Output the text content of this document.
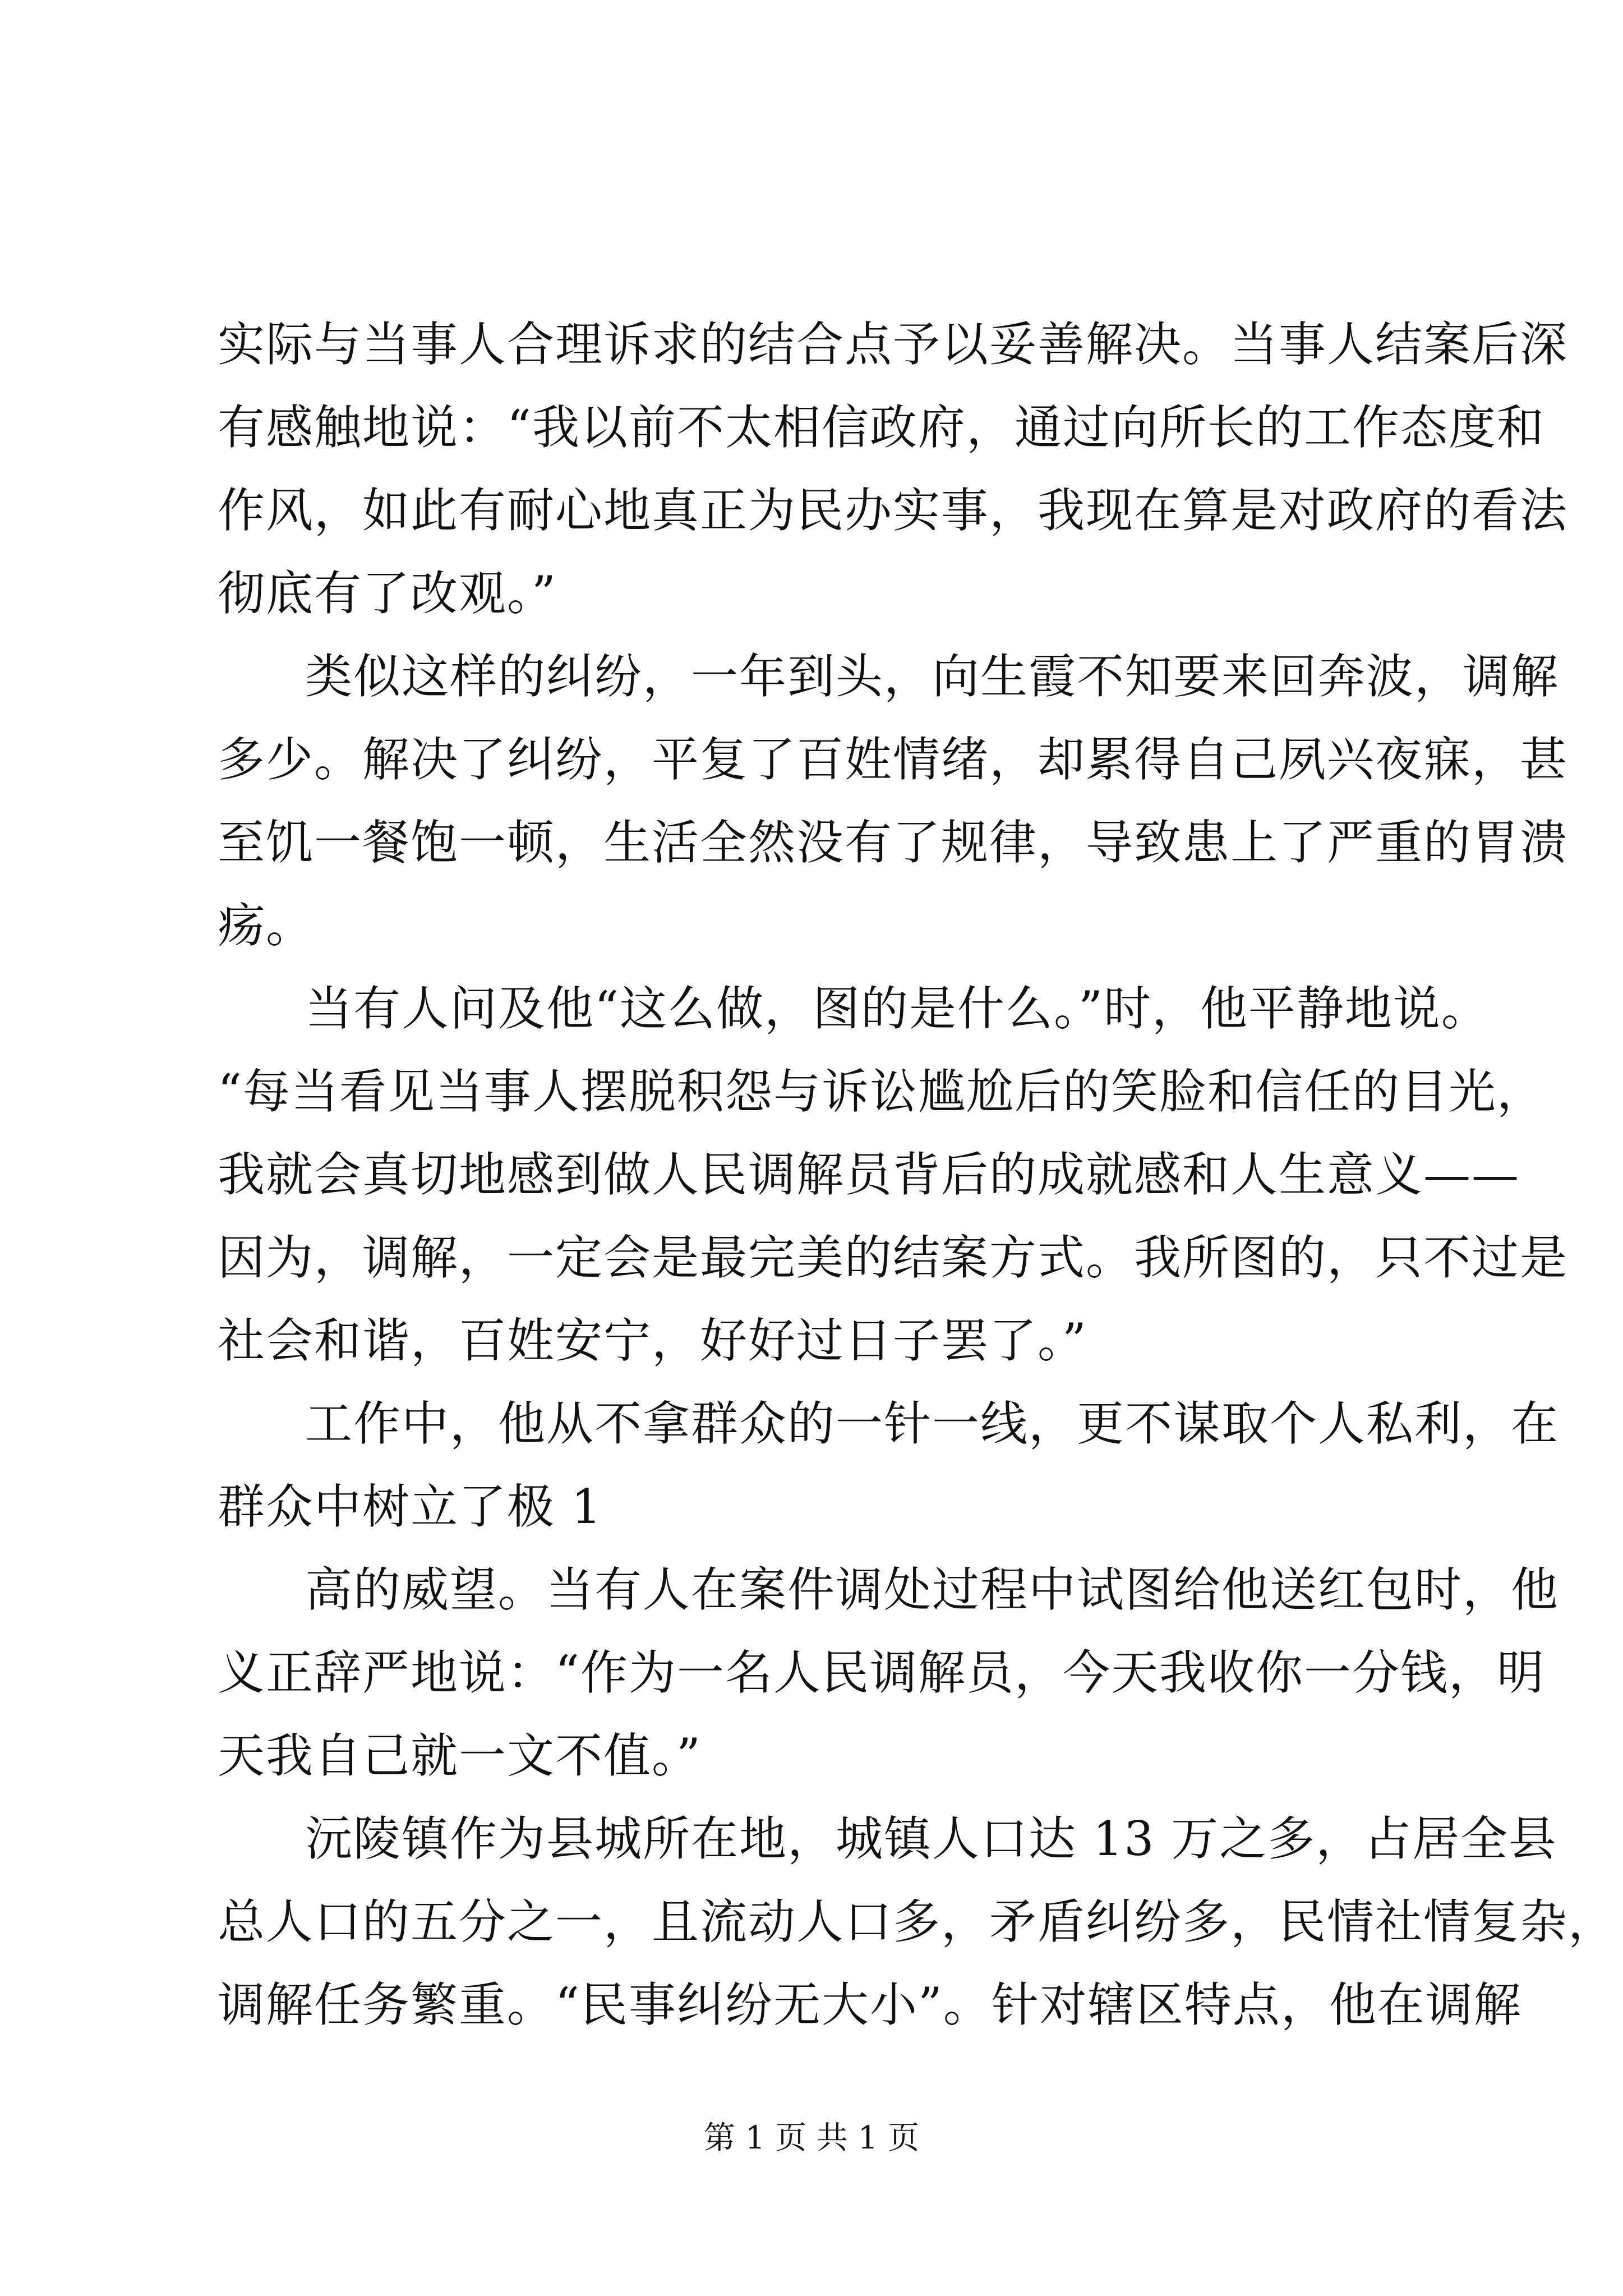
实际与当事人合理诉求的结合点予以妥善解决。当事人结案后深
有感触地说：“我以前不太相信政府，通过向所长的工作态度和
作风，如此有耐心地真正为民办实事，我现在算是对政府的看法
彻底有了改观。”
类似这样的纠纷，一年到头，向生霞不知要来回奔波，调解
多少。解决了纠纷，平复了百姓情绪，却累得自己夙兴夜寐，甚
至饥一餐饱一顿，生活全然没有了规律，导致患上了严重的胃溃
疡。
当有人问及他“这么做，图的是什么。”时，他平静地说。
“每当看见当事人摆脱积怨与诉讼尴尬后的笑脸和信任的目光，
我就会真切地感到做人民调解员背后的成就感和人生意义——
因为，调解，一定会是最完美的结案方式。我所图的，只不过是
社会和谐，百姓安宁，好好过日子罢了。”
工作中，他从不拿群众的一针一线，更不谋取个人私利，在
群众中树立了极 1
高的威望。当有人在案件调处过程中试图给他送红包时，他
义正辞严地说：“作为一名人民调解员，今天我收你一分钱，明
天我自己就一文不值。”
沅陵镇作为县城所在地，城镇人口达 13 万之多，占居全县
总人口的五分之一，且流动人口多，矛盾纠纷多，民情社情复杂，
调解任务繁重。“民事纠纷无大小”。针对辖区特点，他在调解
第 1 页 共 1 页
